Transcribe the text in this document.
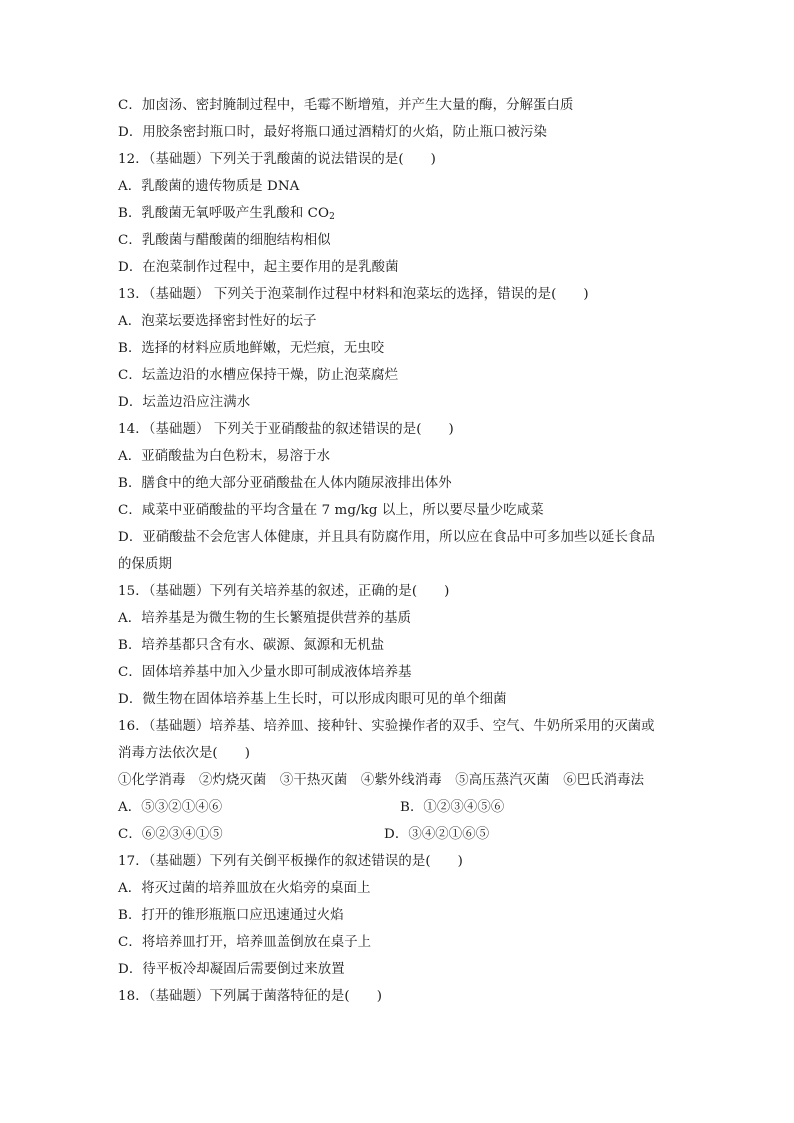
C．加卤汤、密封腌制过程中，毛霉不断增殖，并产生大量的酶，分解蛋白质
D．用胶条密封瓶口时，最好将瓶口通过酒精灯的火焰，防止瓶口被污染
12．（基础题）下列关于乳酸菌的说法错误的是(　　)
A．乳酸菌的遗传物质是 DNA
B．乳酸菌无氧呼吸产生乳酸和 $CO_2$
C．乳酸菌与醋酸菌的细胞结构相似
D．在泡菜制作过程中，起主要作用的是乳酸菌
13．（基础题） 下列关于泡菜制作过程中材料和泡菜坛的选择，错误的是(　　)
A．泡菜坛要选择密封性好的坛子
B．选择的材料应质地鲜嫩，无烂痕，无虫咬
C．坛盖边沿的水槽应保持干燥，防止泡菜腐烂
D．坛盖边沿应注满水
14．（基础题） 下列关于亚硝酸盐的叙述错误的是(　　)
A．亚硝酸盐为白色粉末，易溶于水
B．膳食中的绝大部分亚硝酸盐在人体内随尿液排出体外
C．咸菜中亚硝酸盐的平均含量在 7 mg/kg 以上，所以要尽量少吃咸菜
D．亚硝酸盐不会危害人体健康，并且具有防腐作用，所以应在食品中可多加些以延长食品
的保质期
15．（基础题）下列有关培养基的叙述，正确的是(　　)
A．培养基是为微生物的生长繁殖提供营养的基质
B．培养基都只含有水、碳源、氮源和无机盐
C．固体培养基中加入少量水即可制成液体培养基
D．微生物在固体培养基上生长时，可以形成肉眼可见的单个细菌
16．（基础题）培养基、培养皿、接种针、实验操作者的双手、空气、牛奶所采用的灭菌或
消毒方法依次是(　　)
①化学消毒　②灼烧灭菌　③干热灭菌　④紫外线消毒　⑤高压蒸汽灭菌　⑥巴氏消毒法
A．⑤③②①④⑥	B．①②③④⑤⑥
C．⑥②③④①⑤	D．③④②①⑥⑤
17．（基础题）下列有关倒平板操作的叙述错误的是(　　)
A．将灭过菌的培养皿放在火焰旁的桌面上
B．打开的锥形瓶瓶口应迅速通过火焰
C．将培养皿打开，培养皿盖倒放在桌子上
D．待平板冷却凝固后需要倒过来放置
18．（基础题）下列属于菌落特征的是(　　)
